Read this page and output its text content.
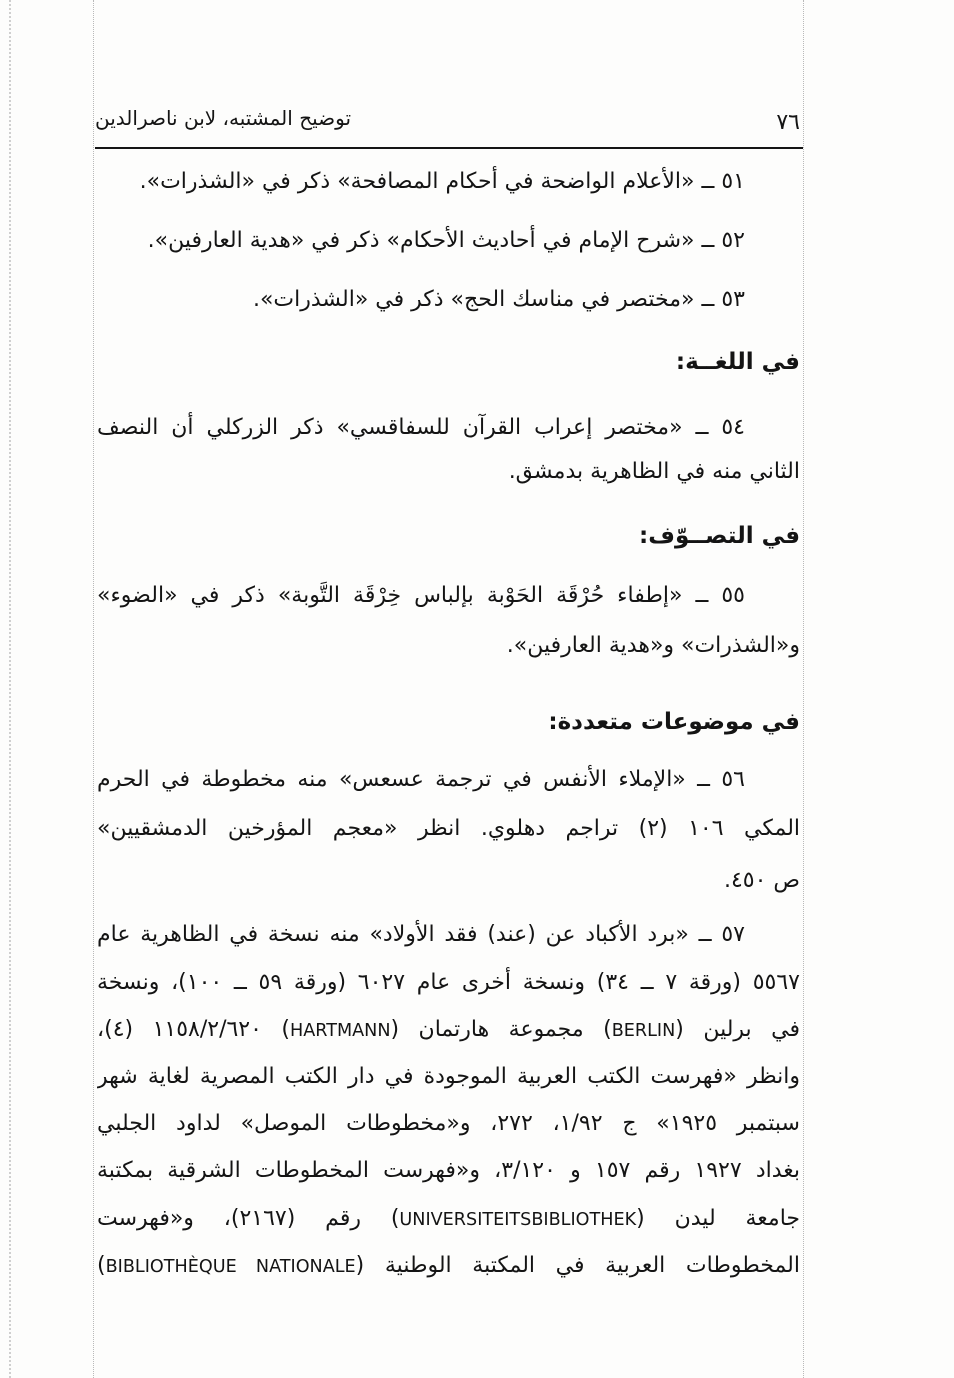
توضيح المشتبه، لابن ناصرالدين	٧٦
٥١ ــ «الأعلام الواضحة في أحكام المصافحة» ذكر في «الشذرات».
٥٢ ــ «شرح الإمام في أحاديث الأحكام» ذكر في «هدية العارفين».
٥٣ ــ «مختصر في مناسك الحج» ذكر في «الشذرات».
في اللغــة:
٥٤ ــ «مختصر إعراب القرآن للسفاقسي» ذكر الزركلي أن النصف
الثاني منه في الظاهرية بدمشق.
في التصــوّف:
٥٥ ــ «إطفاء حُرْقَة الحَوْبة بإلباس خِرْقَة التَّوبة» ذكر في «الضوء»
و«الشذرات» و«هدية العارفين».
في موضوعات متعددة:
٥٦ ــ «الإملاء الأنفس في ترجمة عسعس» منه مخطوطة في الحرم
المكي ١٠٦ (٢) تراجم دهلوي. انظر «معجم المؤرخين الدمشقيين»
ص ٤٥٠.
٥٧ ــ «برد الأكباد عن (عند) فقد الأولاد» منه نسخة في الظاهرية عام
٥٥٦٧ (ورقة ٧ ــ ٣٤) ونسخة أخرى عام ٦٠٢٧ (ورقة ٥٩ ــ ١٠٠)، ونسخة
في برلين (BERLIN) مجموعة هارتمان (HARTMANN) ١١٥٨/٢/٦٢٠ (٤)،
وانظر «فهرست الكتب العربية الموجودة في دار الكتب المصرية لغاية شهر
سبتمبر ١٩٢٥» ج ١/٩٢، ٢٧٢، و«مخطوطات الموصل» لداود الجلبي
بغداد ١٩٢٧ رقم ١٥٧ و ٣/١٢٠، و«فهرست المخطوطات الشرقية بمكتبة
جامعة ليدن (UNIVERSITEITSBIBLIOTHEK) رقم (٢١٦٧)، و«فهرست
المخطوطات العربية في المكتبة الوطنية (BIBLIOTHÈQUE NATIONALE)
